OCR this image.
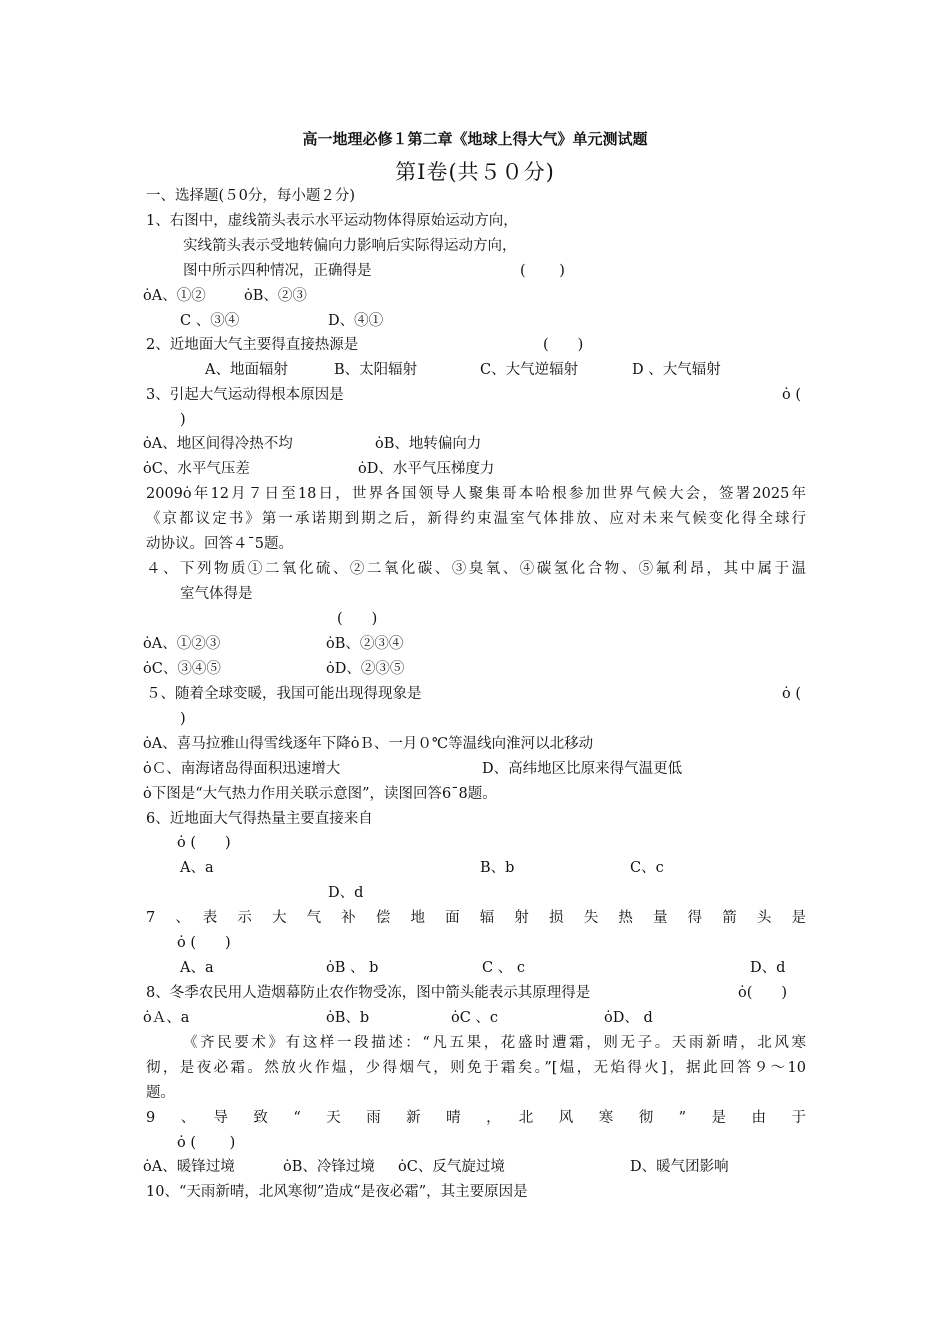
高一地理必修１第二章《地球上得大气》单元测试题
第Ⅰ卷(共５０分)
一、选择题(５0分，每小题２分)
1、右图中，虚线箭头表示水平运动物体得原始运动方向，
实线箭头表示受地转偏向力影响后实际得运动方向，
图中所示四种情况，正确得是	(　　 )
ȯA、①②	ȯB、②③
C 、③④	D、④①
2、近地面大气主要得直接热源是	(　　)
A、地面辐射	B、太阳辐射	C、大气逆辐射	D 、大气辐射
3、引起大气运动得根本原因是	ȯ (
)
ȯA、地区间得冷热不均	ȯB、地转偏向力
ȯC、水平气压差	ȯD、水平气压梯度力
2009ȯ年12月７日至18日，世界各国领导人聚集哥本哈根参加世界气候大会，签署2025年
《京都议定书》第一承诺期到期之后，新得约束温室气体排放、应对未来气候变化得全球行
动协议。回答４¯5题。
４、下列物质①二氧化硫、②二氧化碳、③臭氧、④碳氢化合物、⑤氟利昂，其中属于温
室气体得是
(　　)
ȯA、①②③	ȯB、②③④
ȯC、③④⑤	ȯD、②③⑤
５、随着全球变暖，我国可能出现得现象是	ȯ (
)
ȯA、喜马拉雅山得雪线逐年下降ȯＢ、一月０℃等温线向淮河以北移动
ȯＣ、南海诸岛得面积迅速增大	D、高纬地区比原来得气温更低
ȯ下图是“大气热力作用关联示意图”，读图回答6¯8题。
6、近地面大气得热量主要直接来自
ȯ (　　)
A、a	B、b	C、c
D、d
7　、　表　示　大　气　补　偿　地　面　辐　射　损　失　热　量　得　箭　头　是
ȯ (　　)
A、a	ȯB 、 b	C 、 c	D、d
8、冬季农民用人造烟幕防止农作物受冻，图中箭头能表示其原理得是	ȯ(　　)
ȯＡ、a	ȯB、b	ȯC 、c	ȯD、 d
《齐民要术》有这样一段描述：“凡五果，花盛时遭霜，则无子。天雨新晴，北风寒
彻，是夜必霜。然放火作煴，少得烟气，则免于霜矣。”[煴，无焰得火]，据此回答９～10
题。
9　、　导　致　“　天　雨　新　晴　，　北　风　寒　彻　”　是　由　于
ȯ (　　 )
ȯA、暖锋过境	ȯB、冷锋过境 ȯC、反气旋过境	D、暖气团影响
10、“天雨新晴，北风寒彻”造成“是夜必霜”，其主要原因是
